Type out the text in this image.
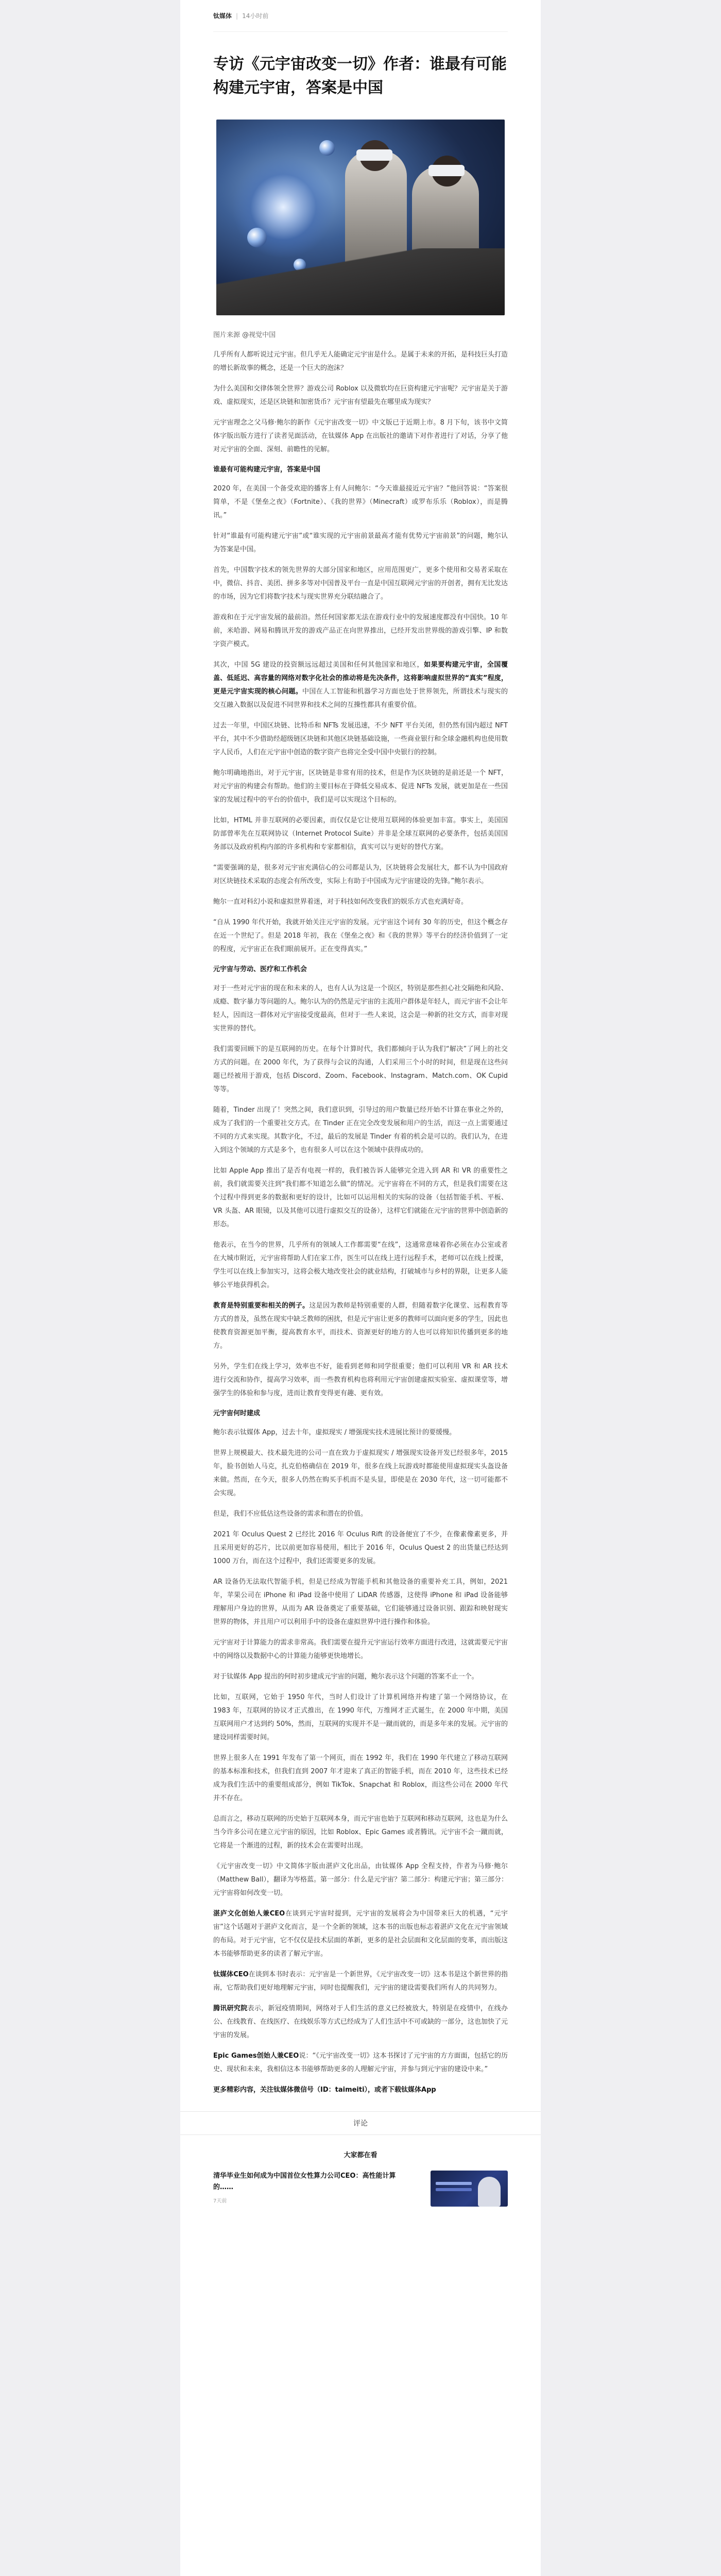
钛媒体 | 14小时前
专访《元宇宙改变一切》作者：谁最有可能构建元宇宙，答案是中国

图片来源 @视觉中国

几乎所有人都听说过元宇宙。但几乎无人能确定元宇宙是什么。是属于未来的开拓，是科技巨头打造的增长新故事的概念，还是一个巨大的泡沫？

为什么美国和交律体领全世界？游戏公司 Roblox 以及微软均在巨资构建元宇宙呢？元宇宙是关于游戏、虚拟现实，还是区块链和加密货币？元宇宙有望最先在哪里成为现实？

元宇宙理念之父马修·鲍尔的新作《元宇宙改变一切》中文版已于近期上市。8 月下旬，该书中文简体字版出版方进行了读者见面活动，在钛媒体 App 在出版社的邀请下对作者进行了对话，分享了他对元宇宙的全面、深刻、前瞻性的见解。

谁最有可能构建元宇宙，答案是中国

2020 年，在美国一个备受欢迎的播客上有人问鲍尔：“今天谁最接近元宇宙？”他回答说：“答案很简单，不是《堡垒之夜》（Fortnite）、《我的世界》（Minecraft）或罗布乐乐（Roblox），而是腾讯。”

针对“谁最有可能构建元宇宙”或“谁实现的元宇宙前景最高才能有优势元宇宙前景”的问题，鲍尔认为答案是中国。

首先，中国数字技术的领先世界的大部分国家和地区，应用范围更广，更多个使用和交易者采取在中，微信、抖音、美团、拼多多等对中国普及平台一直是中国互联网元宇宙的开创者，拥有无比发达的市场，因为它们将数字技术与现实世界充分联结融合了。

游戏和在于元宇宙发展的最前沿。然任何国家都无法在游戏行业中的发展速度都没有中国快。10 年前，米哈游、网易和腾讯开发的游戏产品正在向世界推出，已经开发出世界级的游戏引擎、IP 和数字资产模式。

其次，中国 5G 建设的投资额远远超过美国和任何其他国家和地区，如果要构建元宇宙，全国覆盖、低延迟、高容量的网络对数字化社会的推动将是先决条件，这将影响虚拟世界的“真实”程度，更是元宇宙实现的核心问题。中国在人工智能和机器学习方面也处于世界领先，所谓技术与现实的交互融入数据以及促进不同世界和技术之间的互操性都具有重要价值。

过去一年里，中国区块链、比特币和 NFTs 发展迅速，不少 NFT 平台关闭，但仍然有国内超过 NFT 平台，其中不少借助经超级链区块链和其他区块链基础设施，一些商业银行和全球金融机构也使用数字人民币，人们在元宇宙中创造的数字资产也将完全受中国中央银行的控制。

鲍尔明确地指出，对于元宇宙，区块链是非常有用的技术，但是作为区块链的是前还是一个 NFT，对元宇宙的构建会有帮助。他们的主要目标在于降低交易成本、促进 NFTs 发展，就更加是在一些国家的发展过程中的平台的价值中，我们是可以实现这个目标的。

比如，HTML 并非互联网的必要因素，而仅仅是它让使用互联网的体验更加丰富。事实上，美国国防部曾率先在互联网协议（Internet Protocol Suite）并非是全球互联网的必要条件，包括美国国务部以及政府机构内部的许多机构和专家都相信，真实可以与更好的替代方案。

“需要强调的是，很多对元宇宙充满信心的公司都是认为，区块链将会发展壮大，都不认为中国政府对区块链技术采取的态度会有所改变，实际上有助于中国成为元宇宙建设的先锋。”鲍尔表示。

鲍尔一直对科幻小说和虚拟世界着迷，对于科技如何改变我们的娱乐方式也充满好奇。

“自从 1990 年代开始，我就开始关注元宇宙的发展。元宇宙这个词有 30 年的历史，但这个概念存在近一个世纪了。但是 2018 年初，我在《堡垒之夜》和《我的世界》等平台的经济价值到了一定的程度，元宇宙正在我们眼前展开。正在变得真实。”

元宇宙与劳动、医疗和工作机会

对于一些对元宇宙的现在和未来的人，也有人认为这是一个误区，特别是那些担心社交隔绝和风险、成瘾、数字暴力等问题的人。鲍尔认为的仍然是元宇宙的主流用户群体是年轻人，而元宇宙不会让年轻人，因而这一群体对元宇宙接受度最高，但对于一些人来说，这会是一种新的社交方式，而非对现实世界的替代。

我们需要回顾下的是互联网的历史。在每个计算时代，我们都倾向于认为我们“解决”了网上的社交方式的问题。在 2000 年代，为了获得与会议的沟通，人们采用三个小时的时间，但是现在这些问题已经被用于游戏，包括 Discord、Zoom、Facebook、Instagram、Match.com、OK Cupid 等等。

随着，Tinder 出现了！突然之间，我们意识到，引导过的用户数量已经开始不计算在事业之外的，成为了我们的一个重要社交方式。在 Tinder 正在完全改变发展和用户的生活，而这一点上需要通过不同的方式来实现。其数字化，不过，最后的发展是 Tinder 有着的机会是可以的。我们认为，在进入到这个领域的方式是多个，也有很多人可以在这个领域中获得成功的。

比如 Apple App 推出了是否有电视一样的，我们被告诉人能够完全进入到 AR 和 VR 的重要性之前，我们就需要关注到“我们都不知道怎么做”的情况。元宇宙将在不同的方式，但是我们需要在这个过程中得到更多的数据和更好的设计，比如可以运用相关的实际的设备（包括智能手机、平板、VR 头盔、AR 眼镜，以及其他可以进行虚拟交互的设备），这样它们就能在元宇宙的世界中创造新的形态。

他表示，在当今的世界，几乎所有的领域人工作都需要“在线”，这通常意味着你必须在办公室或者在大城市附近，元宇宙将帮助人们在家工作，医生可以在线上进行远程手术，老师可以在线上授课，学生可以在线上参加实习，这将会极大地改变社会的就业结构，打破城市与乡村的界限，让更多人能够公平地获得机会。

教育是特别重要和相关的例子。这是因为教师是特别重要的人群，但随着数字化课堂、远程教育等方式的普及，虽然在现实中缺乏教师的困扰，但是元宇宙让更多的教师可以面向更多的学生，因此也使教育资源更加平衡，提高教育水平，而技术、资源更好的地方的人也可以将知识传播到更多的地方。

另外，学生们在线上学习，效率也不好，能看到老师和同学很重要；他们可以利用 VR 和 AR 技术进行交流和协作，提高学习效率，而一些教育机构也将利用元宇宙创建虚拟实验室、虚拟课堂等，增强学生的体验和参与度，进而让教育变得更有趣、更有效。

元宇宙何时建成

鲍尔表示钛媒体 App，过去十年，虚拟现实 / 增强现实技术进展比预计的要缓慢。

世界上规模最大、技术最先进的公司一直在致力于虚拟现实 / 增强现实设备开发已经很多年，2015 年，脸书创始人马克，扎克伯格确信在 2019 年，很多在线上玩游戏时都能使用虚拟现实头盔设备来做。然而，在今天，很多人仍然在购买手机而不是头显，即使是在 2030 年代，这一切可能都不会实现。

但是，我们不应低估这些设备的需求和潜在的价值。

2021 年 Oculus Quest 2 已经比 2016 年 Oculus Rift 的设备便宜了不少，在像素像素更多，并且采用更好的芯片，比以前更加容易使用，相比于 2016 年，Oculus Quest 2 的出货量已经达到 1000 万台，而在这个过程中，我们还需要更多的发展。

AR 设备仍无法取代智能手机，但是已经成为智能手机和其他设备的重要补充工具，例如，2021 年，苹果公司在 iPhone 和 iPad 设备中使用了 LiDAR 传感器，这使得 iPhone 和 iPad 设备能够理解用户身边的世界，从而为 AR 设备奠定了重要基础，它们能够通过设备识别、跟踪和映射现实世界的物体，并且用户可以利用手中的设备在虚拟世界中进行操作和体验。

元宇宙对于计算能力的需求非常高。我们需要在提升元宇宙运行效率方面进行改进，这就需要元宇宙中的网络以及数据中心的计算能力能够更快地增长。

对于钛媒体 App 提出的何时初步建成元宇宙的问题，鲍尔表示这个问题的答案不止一个。

比如，互联网，它始于 1950 年代，当时人们设计了计算机网络并构建了第一个网络协议，在 1983 年，互联网的协议才正式推出，在 1990 年代，万维网才正式诞生，在 2000 年中期，美国互联网用户才达到约 50%，然而，互联网的实现并不是一蹴而就的，而是多年来的发展。元宇宙的建设同样需要时间。

世界上很多人在 1991 年发布了第一个网页，而在 1992 年，我们在 1990 年代建立了移动互联网的基本标准和技术，但我们直到 2007 年才迎来了真正的智能手机，而在 2010 年，这些技术已经成为我们生活中的重要组成部分，例如 TikTok、Snapchat 和 Roblox，而这些公司在 2000 年代并不存在。

总而言之，移动互联网的历史始于互联网本身，而元宇宙也始于互联网和移动互联网，这也是为什么当今许多公司在建立元宇宙的原因，比如 Roblox、Epic Games 或者腾讯。元宇宙不会一蹴而就，它将是一个渐进的过程，新的技术会在需要时出现。

《元宇宙改变一切》中文简体字版由湛庐文化出品，由钛媒体 App 全程支持，作者为马修·鲍尔（Matthew Ball），翻译为岑格蓝。第一部分：什么是元宇宙？第二部分：构建元宇宙；第三部分：元宇宙将如何改变一切。

湛庐文化创始人兼CEO在谈到元宇宙时提到，元宇宙的发展将会为中国带来巨大的机遇，“元宇宙”这个话题对于湛庐文化而言，是一个全新的领域，这本书的出版也标志着湛庐文化在元宇宙领域的布局。对于元宇宙，它不仅仅是技术层面的革新，更多的是社会层面和文化层面的变革，而出版这本书能够帮助更多的读者了解元宇宙。

钛媒体CEO在谈到本书时表示：元宇宙是一个新世界，《元宇宙改变一切》这本书是这个新世界的指南，它帮助我们更好地理解元宇宙，同时也提醒我们，元宇宙的建设需要我们所有人的共同努力。

腾讯研究院表示，新冠疫情期间，网络对于人们生活的意义已经被放大，特别是在疫情中，在线办公、在线教育、在线医疗、在线娱乐等方式已经成为了人们生活中不可或缺的一部分，这也加快了元宇宙的发展。

Epic Games创始人兼CEO说：“《元宇宙改变一切》这本书探讨了元宇宙的方方面面，包括它的历史、现状和未来，我相信这本书能够帮助更多的人理解元宇宙，并参与到元宇宙的建设中来。”

更多精彩内容，关注钛媒体微信号（ID：taimeiti），或者下载钛媒体App

评论
大家都在看
清华毕业生如何成为中国首位女性算力公司CEO：高性能计算的……
7天前
